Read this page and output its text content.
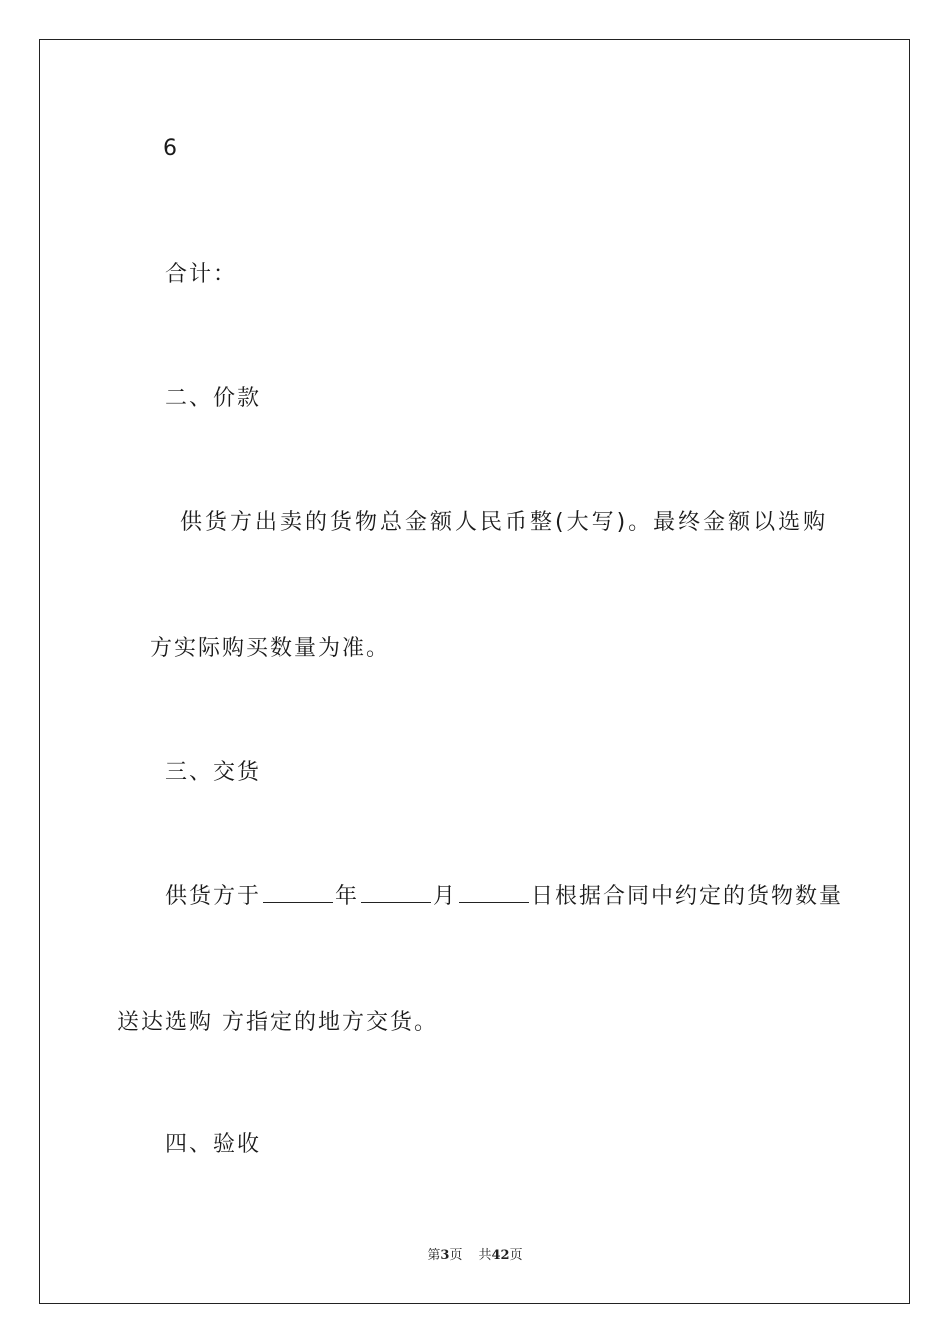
6
合计：
二、价款
供货方出卖的货物总金额人民币整(大写)。最终金额以选购
方实际购买数量为准。
三、交货
供货方于	年	月	日根据合同中约定的货物数量
送达选购 方指定的地方交货。
四、验收
第3页 共42页
